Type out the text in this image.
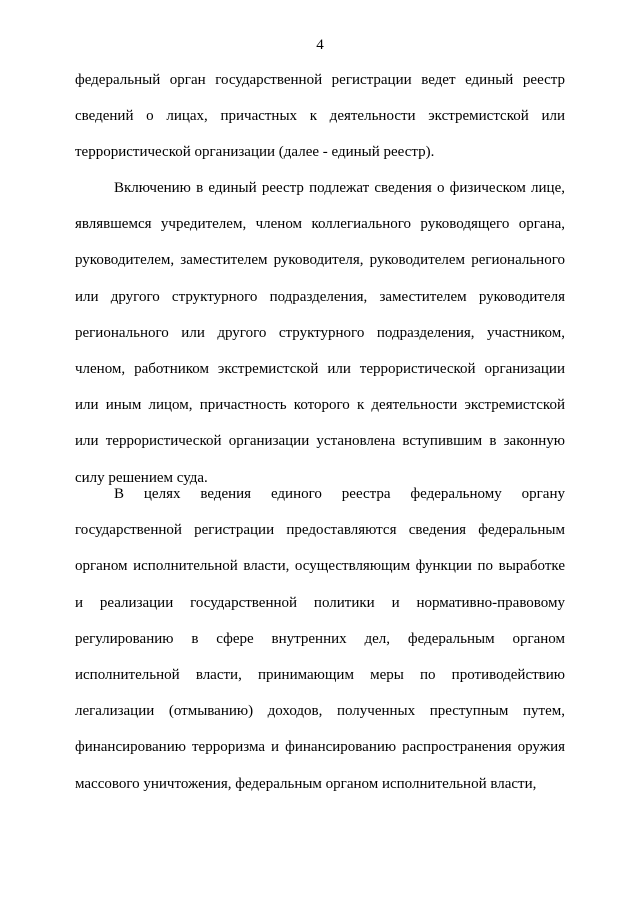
4

федеральный орган государственной регистрации ведет единый реестр сведений о лицах, причастных к деятельности экстремистской или террористической организации (далее - единый реестр).

Включению в единый реестр подлежат сведения о физическом лице, являвшемся учредителем, членом коллегиального руководящего органа, руководителем, заместителем руководителя, руководителем регионального или другого структурного подразделения, заместителем руководителя регионального или другого структурного подразделения, участником, членом, работником экстремистской или террористической организации или иным лицом, причастность которого к деятельности экстремистской или террористической организации установлена вступившим в законную силу решением суда.

В целях ведения единого реестра федеральному органу государственной регистрации предоставляются сведения федеральным органом исполнительной власти, осуществляющим функции по выработке и реализации государственной политики и нормативно-правовому регулированию в сфере внутренних дел, федеральным органом исполнительной власти, принимающим меры по противодействию легализации (отмыванию) доходов, полученных преступным путем, финансированию терроризма и финансированию распространения оружия массового уничтожения, федеральным органом исполнительной власти,
